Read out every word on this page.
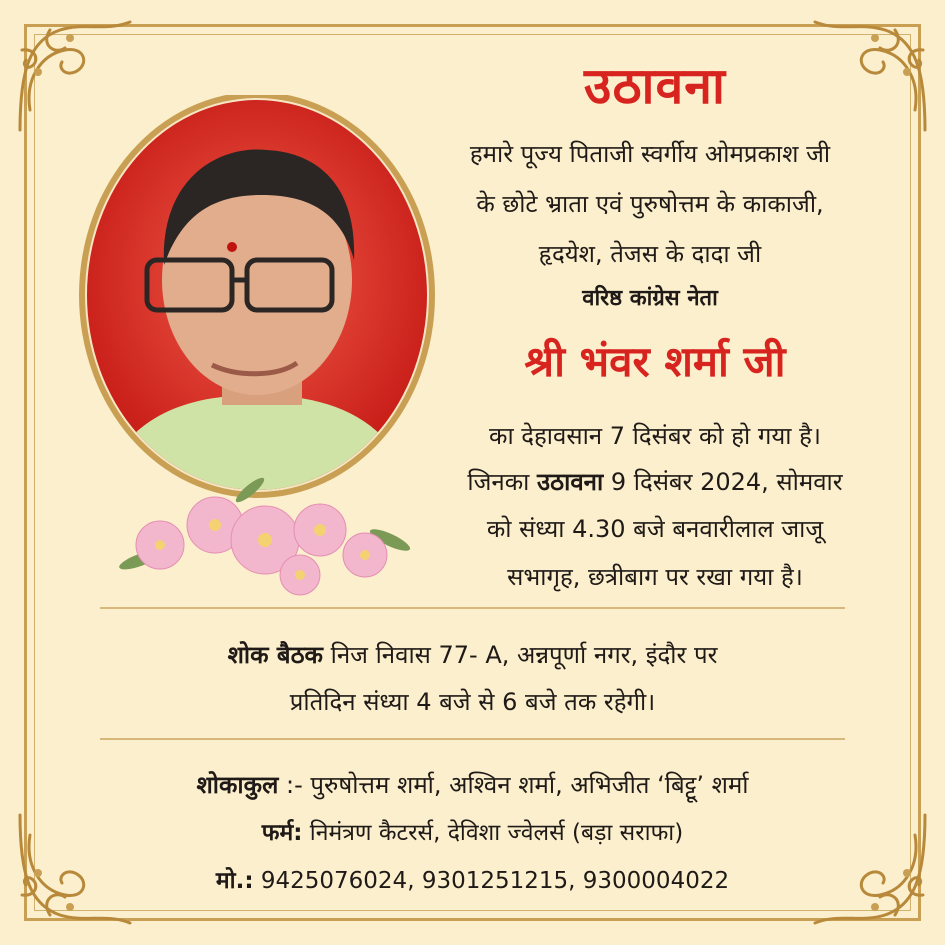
उठावना
हमारे पूज्य पिताजी स्वर्गीय ओमप्रकाश जी
के छोटे भ्राता एवं पुरुषोत्तम के काकाजी,
हृदयेश, तेजस के दादा जी
वरिष्ठ कांग्रेस नेता
श्री भंवर शर्मा जी
का देहावसान 7 दिसंबर को हो गया है।
जिनका उठावना 9 दिसंबर 2024, सोमवार
को संध्या 4.30 बजे बनवारीलाल जाजू
सभागृह, छत्रीबाग पर रखा गया है।
शोक बैठक निज निवास 77- A, अन्नपूर्णा नगर, इंदौर पर
प्रतिदिन संध्या 4 बजे से 6 बजे तक रहेगी।
शोकाकुल :- पुरुषोत्तम शर्मा, अश्विन शर्मा, अभिजीत ‘बिट्टू’ शर्मा
फर्म: निमंत्रण कैटरर्स, देविशा ज्वेलर्स (बड़ा सराफा)
मो.: 9425076024, 9301251215, 9300004022
